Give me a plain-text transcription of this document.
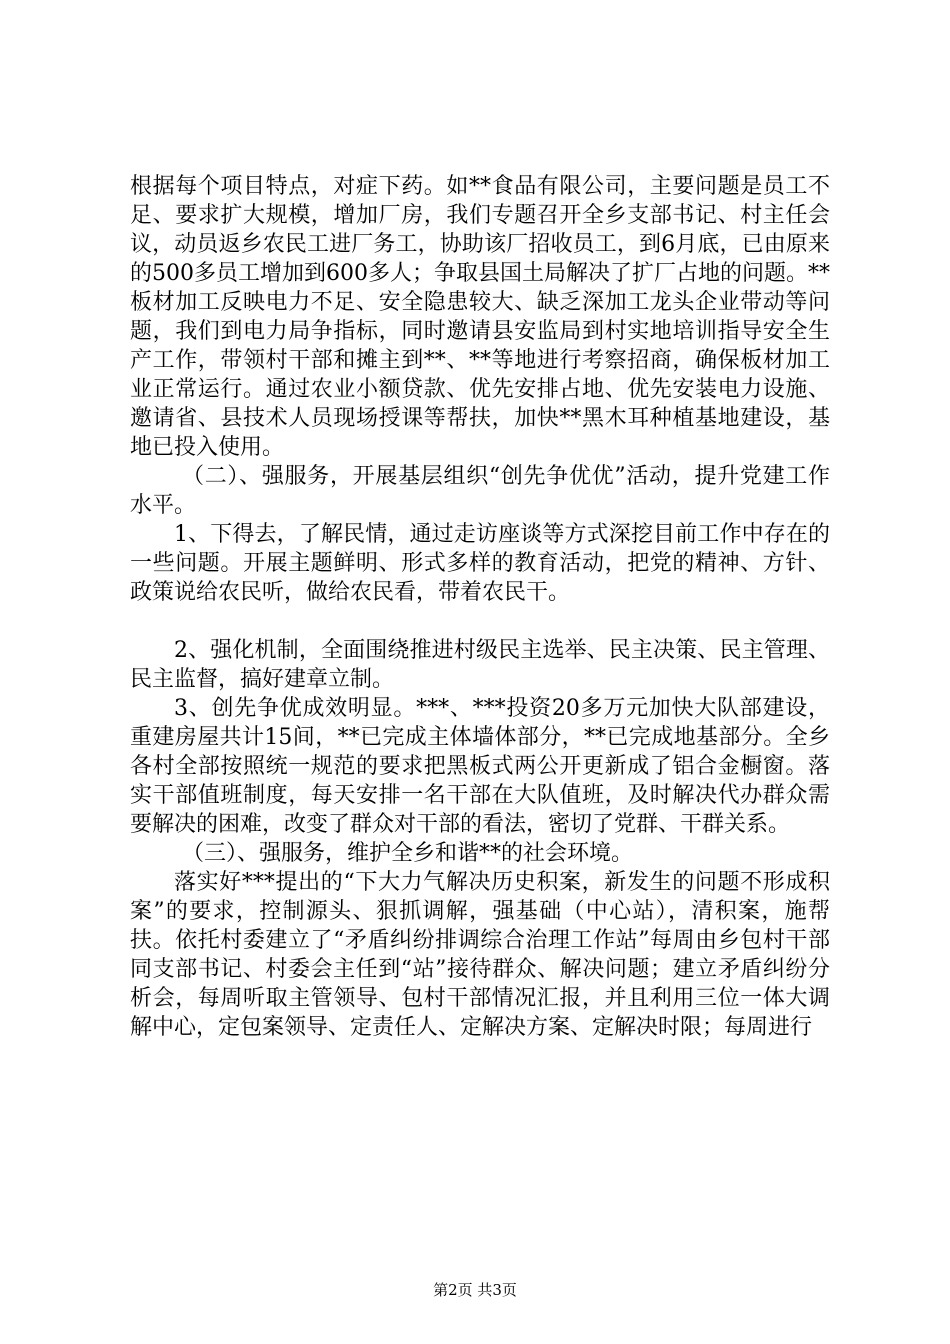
根据每个项目特点，对症下药。如**食品有限公司，主要问题是员工不足、要求扩大规模，增加厂房，我们专题召开全乡支部书记、村主任会议，动员返乡农民工进厂务工，协助该厂招收员工，到6月底，已由原来的500多员工增加到600多人；争取县国土局解决了扩厂占地的问题。**板材加工反映电力不足、安全隐患较大、缺乏深加工龙头企业带动等问题，我们到电力局争指标，同时邀请县安监局到村实地培训指导安全生产工作，带领村干部和摊主到**、**等地进行考察招商，确保板材加工业正常运行。通过农业小额贷款、优先安排占地、优先安装电力设施、邀请省、县技术人员现场授课等帮扶，加快**黑木耳种植基地建设，基地已投入使用。

（二）、强服务，开展基层组织“创先争优优”活动，提升党建工作水平。

1、下得去，了解民情，通过走访座谈等方式深挖目前工作中存在的一些问题。开展主题鲜明、形式多样的教育活动，把党的精神、方针、政策说给农民听，做给农民看，带着农民干。

2、强化机制，全面围绕推进村级民主选举、民主决策、民主管理、民主监督，搞好建章立制。

3、创先争优成效明显。***、***投资20多万元加快大队部建设，重建房屋共计15间，**已完成主体墙体部分，**已完成地基部分。全乡各村全部按照统一规范的要求把黑板式两公开更新成了铝合金橱窗。落实干部值班制度，每天安排一名干部在大队值班，及时解决代办群众需要解决的困难，改变了群众对干部的看法，密切了党群、干群关系。

（三）、强服务，维护全乡和谐**的社会环境。

落实好***提出的“下大力气解决历史积案，新发生的问题不形成积案”的要求，控制源头、狠抓调解，强基础（中心站），清积案，施帮扶。依托村委建立了“矛盾纠纷排调综合治理工作站”每周由乡包村干部同支部书记、村委会主任到“站”接待群众、解决问题；建立矛盾纠纷分析会，每周听取主管领导、包村干部情况汇报，并且利用三位一体大调解中心，定包案领导、定责任人、定解决方案、定解决时限；每周进行

第2页 共3页
